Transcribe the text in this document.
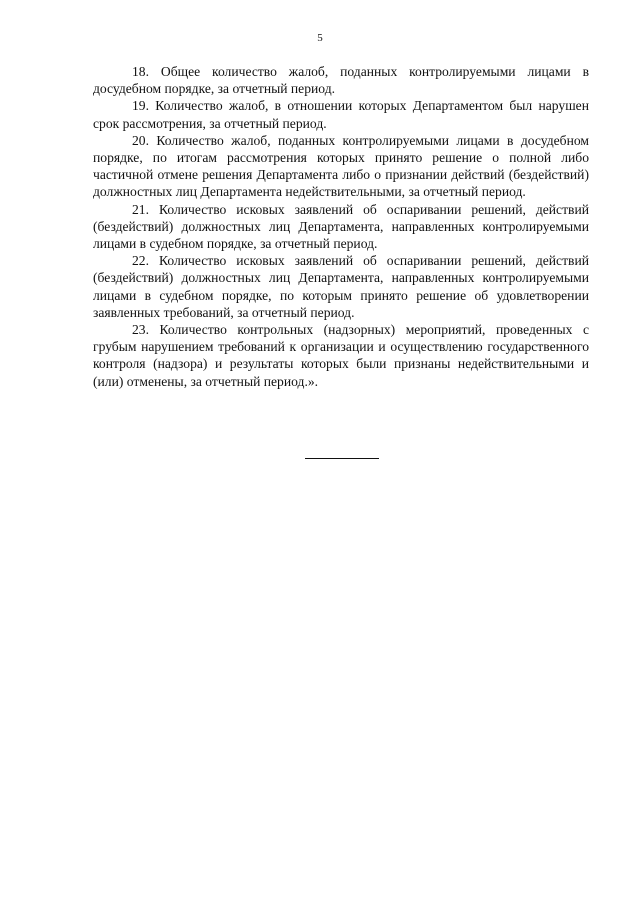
5

18. Общее количество жалоб, поданных контролируемыми лицами в досудебном порядке, за отчетный период.

19. Количество жалоб, в отношении которых Департаментом был нарушен срок рассмотрения, за отчетный период.

20. Количество жалоб, поданных контролируемыми лицами в досудебном порядке, по итогам рассмотрения которых принято решение о полной либо частичной отмене решения Департамента либо о признании действий (бездействий) должностных лиц Департамента недействительными, за отчетный период.

21. Количество исковых заявлений об оспаривании решений, действий (бездействий) должностных лиц Департамента, направленных контролируемыми лицами в судебном порядке, за отчетный период.

22. Количество исковых заявлений об оспаривании решений, действий (бездействий) должностных лиц Департамента, направленных контролируемыми лицами в судебном порядке, по которым принято решение об удовлетворении заявленных требований, за отчетный период.

23. Количество контрольных (надзорных) мероприятий, проведенных с грубым нарушением требований к организации и осуществлению государственного контроля (надзора) и результаты которых были признаны недействительными и (или) отменены, за отчетный период.».
